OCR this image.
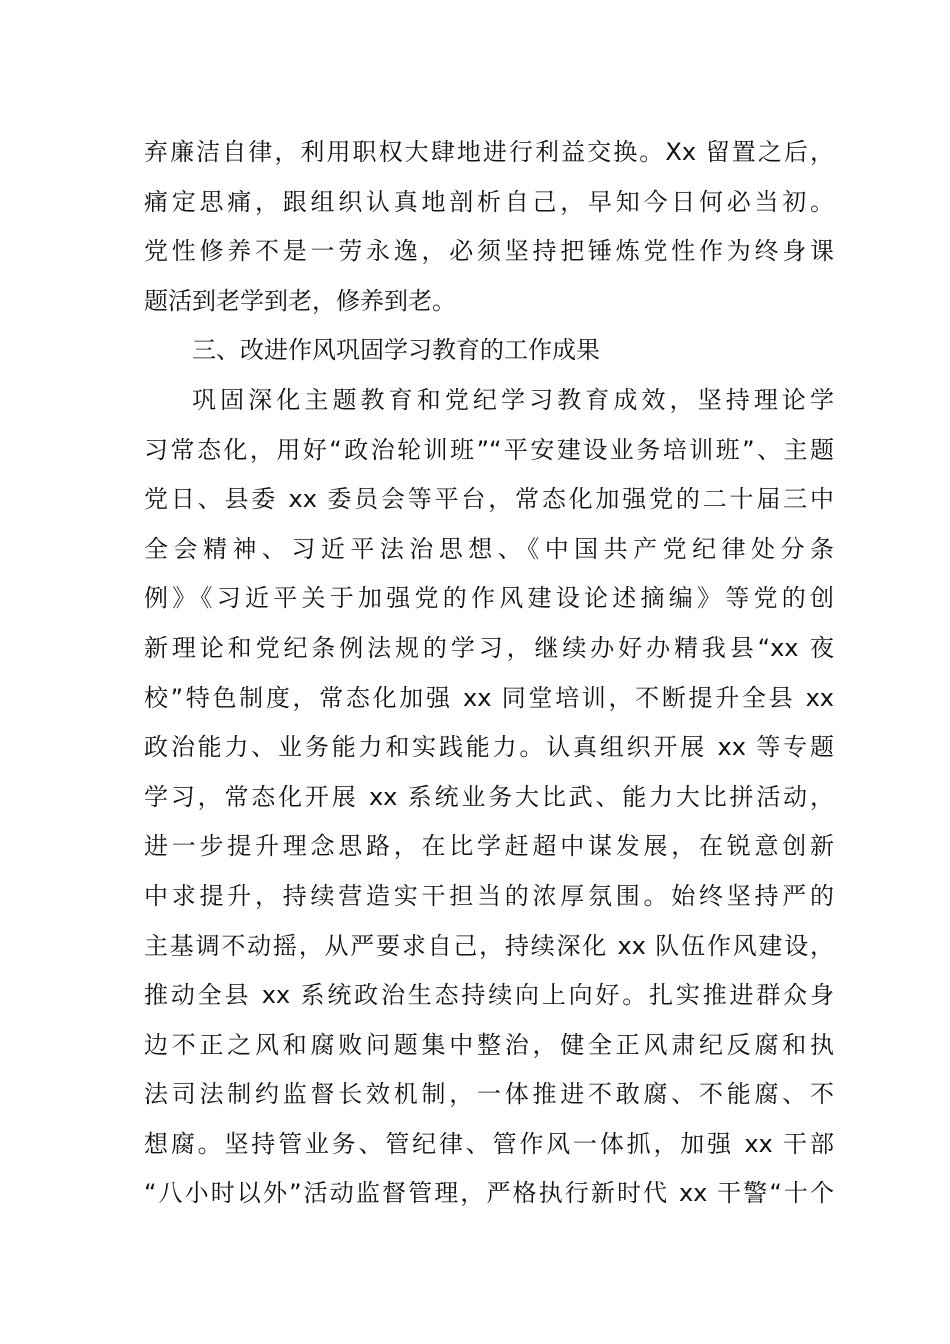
弃廉洁自律，利用职权大肆地进行利益交换。Xx 留置之后，
痛定思痛，跟组织认真地剖析自己，早知今日何必当初。
党性修养不是一劳永逸，必须坚持把锤炼党性作为终身课
题活到老学到老，修养到老。
三、改进作风巩固学习教育的工作成果
巩固深化主题教育和党纪学习教育成效，坚持理论学
习常态化，用好“政治轮训班”“平安建设业务培训班”、主题
党日、县委 xx 委员会等平台，常态化加强党的二十届三中
全会精神、习近平法治思想、《中国共产党纪律处分条
例》《习近平关于加强党的作风建设论述摘编》等党的创
新理论和党纪条例法规的学习，继续办好办精我县“xx 夜
校”特色制度，常态化加强 xx 同堂培训，不断提升全县 xx
政治能力、业务能力和实践能力。认真组织开展 xx 等专题
学习，常态化开展 xx 系统业务大比武、能力大比拼活动，
进一步提升理念思路，在比学赶超中谋发展，在锐意创新
中求提升，持续营造实干担当的浓厚氛围。始终坚持严的
主基调不动摇，从严要求自己，持续深化 xx 队伍作风建设，
推动全县 xx 系统政治生态持续向上向好。扎实推进群众身
边不正之风和腐败问题集中整治，健全正风肃纪反腐和执
法司法制约监督长效机制，一体推进不敢腐、不能腐、不
想腐。坚持管业务、管纪律、管作风一体抓，加强 xx 干部
“八小时以外”活动监督管理，严格执行新时代 xx 干警“十个
